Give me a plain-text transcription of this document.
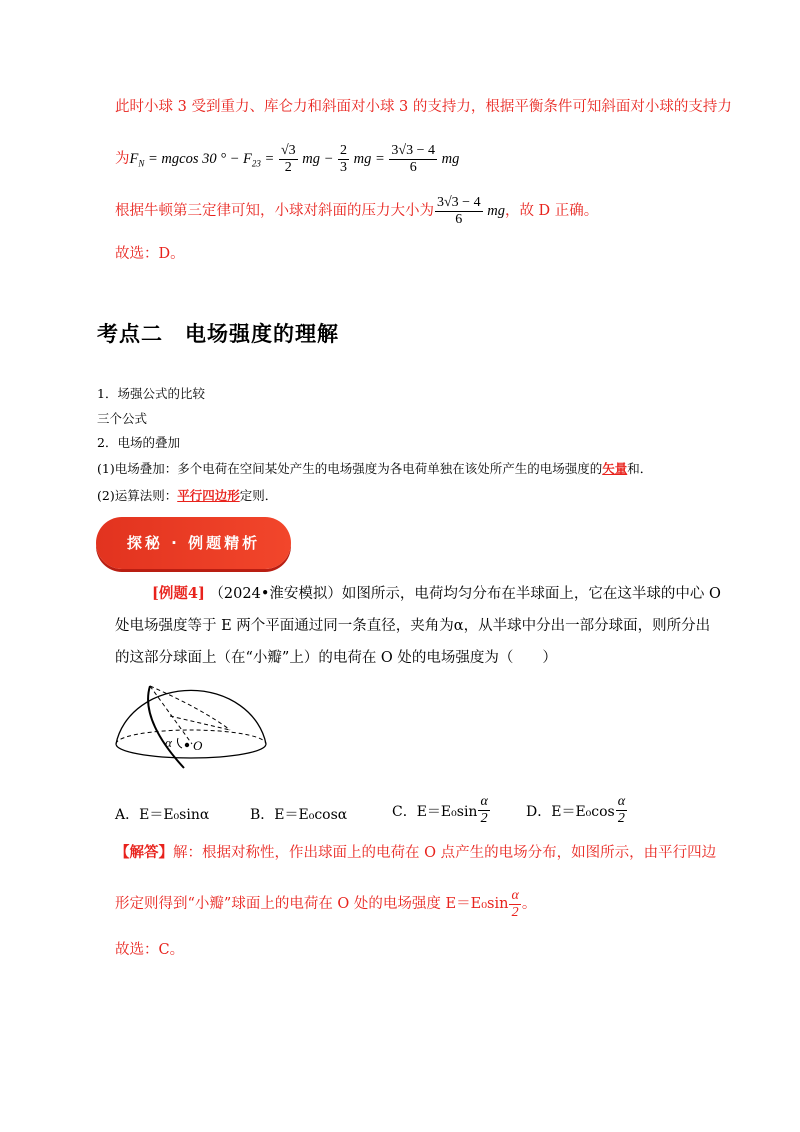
此时小球 3 受到重力、库仑力和斜面对小球 3 的支持力，根据平衡条件可知斜面对小球的支持力
为 $F_N = mgcos$ 30 ° − $F_{23} = \frac{√3}{2}$ mg − $\frac{2}{3}$ mg = $\frac{3√3 - 4}{6}$ mg
根据牛顿第三定律可知，小球对斜面的压力大小为 $\frac{3√3 - 4}{6}$ mg ，故 D 正确。
故选：D。
考点二　电场强度的理解
1．场强公式的比较
三个公式
2．电场的叠加
(1)电场叠加：多个电荷在空间某处产生的电场强度为各电荷单独在该处所产生的电场强度的矢量和．
(2)运算法则：平行四边形定则．
探秘 · 例题精析
[例题4] （2024•淮安模拟）如图所示，电荷均匀分布在半球面上，它在这半球的中心 O
处电场强度等于 E 两个平面通过同一条直径，夹角为α，从半球中分出一部分球面，则所分出
的这部分球面上（在“小瓣”上）的电荷在 O 处的电场强度为（　　）
α O
A．E＝E₀sinα	B．E＝E₀cosα	C．$E=E_0\sin \frac{\alpha}{2}$	D．$E=E_0\cos \frac{\alpha}{2}$
【解答】解：根据对称性，作出球面上的电荷在 O 点产生的电场分布，如图所示，由平行四边
形定则得到“小瓣”球面上的电荷在 O 处的电场强度 $E=E_0\sin \frac{\alpha}{2}$ 。
故选：C。
